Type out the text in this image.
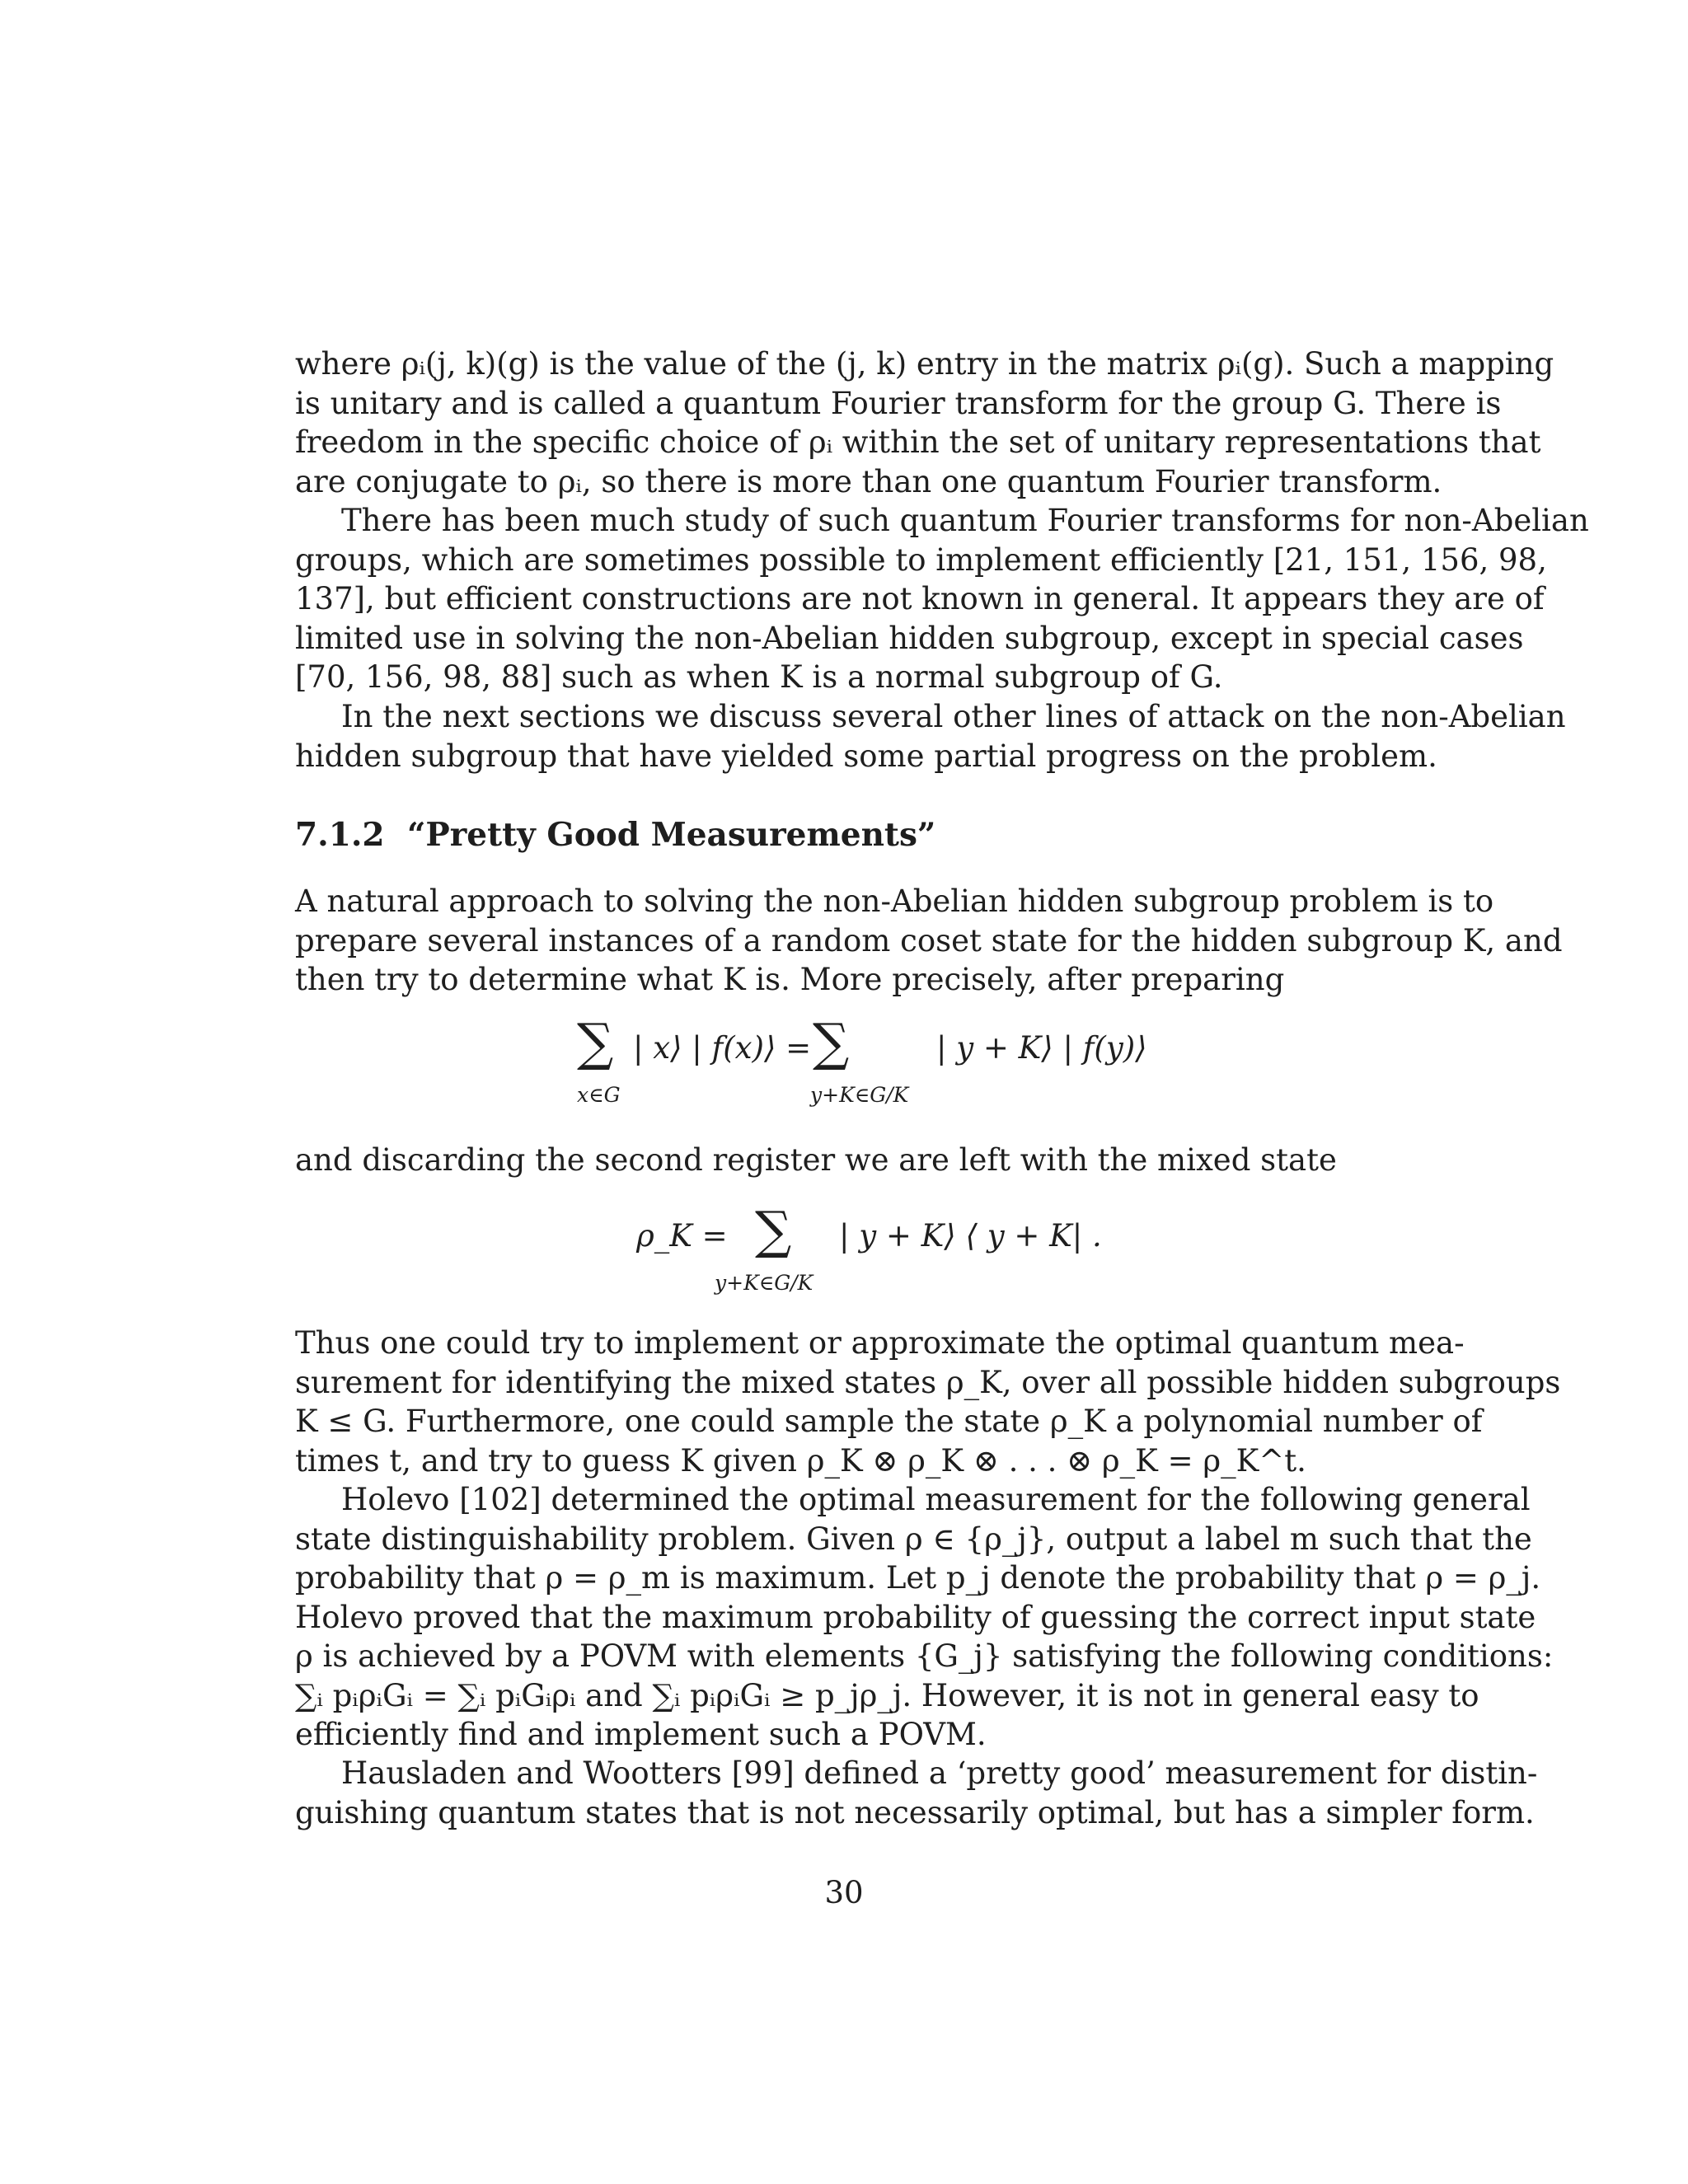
where ρᵢ(j, k)(g) is the value of the (j, k) entry in the matrix ρᵢ(g). Such a mapping
is unitary and is called a quantum Fourier transform for the group G. There is
freedom in the specific choice of ρᵢ within the set of unitary representations that
are conjugate to ρᵢ, so there is more than one quantum Fourier transform.
There has been much study of such quantum Fourier transforms for non-Abelian
groups, which are sometimes possible to implement efficiently [21, 151, 156, 98,
137], but efficient constructions are not known in general. It appears they are of
limited use in solving the non-Abelian hidden subgroup, except in special cases
[70, 156, 98, 88] such as when K is a normal subgroup of G.
In the next sections we discuss several other lines of attack on the non-Abelian
hidden subgroup that have yielded some partial progress on the problem.
7.1.2 “Pretty Good Measurements”
A natural approach to solving the non-Abelian hidden subgroup problem is to
prepare several instances of a random coset state for the hidden subgroup K, and
then try to determine what K is. More precisely, after preparing
∑
x∈G
| x⟩ | f(x)⟩ = ∑
y+K∈G/K
| y + K⟩ | f(y)⟩
and discarding the second register we are left with the mixed state
ρ_K = ∑
y+K∈G/K
| y + K⟩ ⟨ y + K| .
Thus one could try to implement or approximate the optimal quantum mea-
surement for identifying the mixed states ρ_K, over all possible hidden subgroups
K ≤ G. Furthermore, one could sample the state ρ_K a polynomial number of
times t, and try to guess K given ρ_K ⊗ ρ_K ⊗ . . . ⊗ ρ_K = ρ_K^t.
Holevo [102] determined the optimal measurement for the following general
state distinguishability problem. Given ρ ∈ {ρ_j}, output a label m such that the
probability that ρ = ρ_m is maximum. Let p_j denote the probability that ρ = ρ_j.
Holevo proved that the maximum probability of guessing the correct input state
ρ is achieved by a POVM with elements {G_j} satisfying the following conditions:
∑ᵢ pᵢρᵢGᵢ = ∑ᵢ pᵢGᵢρᵢ and ∑ᵢ pᵢρᵢGᵢ ≥ p_jρ_j. However, it is not in general easy to
efficiently find and implement such a POVM.
Hausladen and Wootters [99] defined a ‘pretty good’ measurement for distin-
guishing quantum states that is not necessarily optimal, but has a simpler form.
30
